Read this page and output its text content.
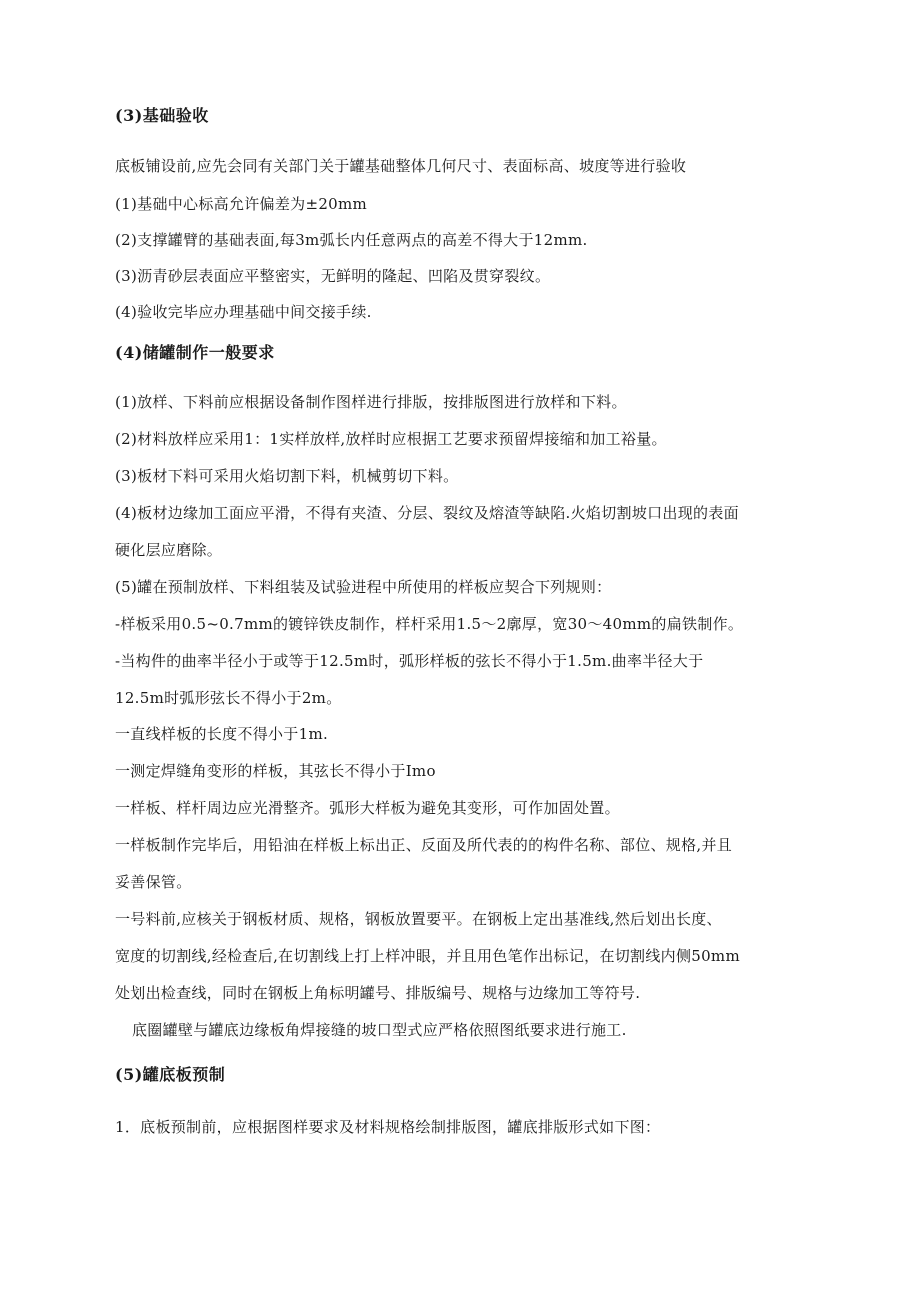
(3)基础验收
底板铺设前,应先会同有关部门关于罐基础整体几何尺寸、表面标高、坡度等进行验收
(1)基础中心标高允许偏差为±20mm
(2)支撑罐臂的基础表面,每3m弧长内任意两点的高差不得大于12mm.
(3)沥青砂层表面应平整密实，无鲜明的隆起、凹陷及贯穿裂纹。
(4)验收完毕应办理基础中间交接手续.
(4)储罐制作一般要求
(1)放样、下料前应根据设备制作图样进行排版，按排版图进行放样和下料。
(2)材料放样应采用1：1实样放样,放样时应根据工艺要求预留焊接缩和加工裕量。
(3)板材下料可采用火焰切割下料，机械剪切下料。
(4)板材边缘加工面应平滑，不得有夹渣、分层、裂纹及熔渣等缺陷.火焰切割坡口出现的表面
硬化层应磨除。
(5)罐在预制放样、下料组装及试验进程中所使用的样板应契合下列规则：
-样板采用0.5~0.7mm的镀锌铁皮制作，样杆采用1.5～2廓厚，宽30～40mm的扁铁制作。
-当构件的曲率半径小于或等于12.5m时，弧形样板的弦长不得小于1.5m.曲率半径大于
12.5m时弧形弦长不得小于2m。
一直线样板的长度不得小于1m.
一测定焊缝角变形的样板，其弦长不得小于Imo
一样板、样杆周边应光滑整齐。弧形大样板为避免其变形，可作加固处置。
一样板制作完毕后，用铅油在样板上标出正、反面及所代表的的构件名称、部位、规格,并且
妥善保管。
一号料前,应核关于钢板材质、规格，钢板放置要平。在钢板上定出基准线,然后划出长度、
宽度的切割线,经检查后,在切割线上打上样冲眼，并且用色笔作出标记，在切割线内侧50mm
处划出检查线，同时在钢板上角标明罐号、排版编号、规格与边缘加工等符号.
底圈罐壁与罐底边缘板角焊接缝的坡口型式应严格依照图纸要求进行施工.
(5)罐底板预制
1．底板预制前，应根据图样要求及材料规格绘制排版图，罐底排版形式如下图：
